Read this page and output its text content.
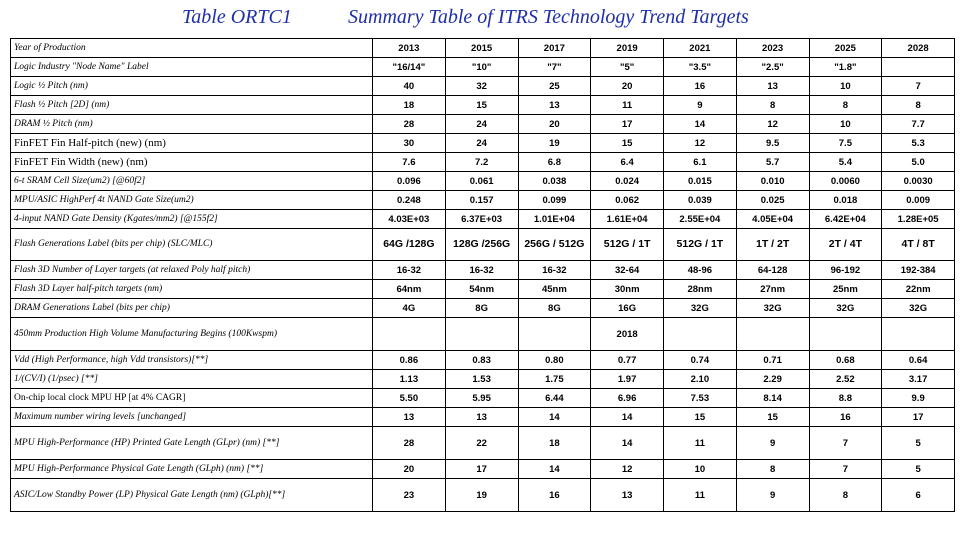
Table ORTC1	Summary Table of ITRS Technology Trend Targets
Year of Production	2013	2015	2017	2019	2021	2023	2025	2028
Logic Industry "Node Name" Label	"16/14"	"10"	"7"	"5"	"3.5"	"2.5"	"1.8"	
Logic ½ Pitch (nm)	40	32	25	20	16	13	10	7
Flash ½ Pitch [2D] (nm)	18	15	13	11	9	8	8	8
DRAM ½ Pitch (nm)	28	24	20	17	14	12	10	7.7
FinFET Fin Half-pitch (new) (nm)	30	24	19	15	12	9.5	7.5	5.3
FinFET Fin Width (new) (nm)	7.6	7.2	6.8	6.4	6.1	5.7	5.4	5.0
6-t SRAM Cell Size(um2) [@60f2]	0.096	0.061	0.038	0.024	0.015	0.010	0.0060	0.0030
MPU/ASIC HighPerf 4t NAND Gate Size(um2)	0.248	0.157	0.099	0.062	0.039	0.025	0.018	0.009
4-input NAND Gate Density (Kgates/mm2) [@155f2]	4.03E+03	6.37E+03	1.01E+04	1.61E+04	2.55E+04	4.05E+04	6.42E+04	1.28E+05
Flash Generations Label (bits per chip) (SLC/MLC)	64G /128G	128G /256G	256G / 512G	512G / 1T	512G / 1T	1T / 2T	2T / 4T	4T / 8T
Flash 3D Number of Layer targets (at relaxed Poly half pitch)	16-32	16-32	16-32	32-64	48-96	64-128	96-192	192-384
Flash 3D Layer half-pitch targets (nm)	64nm	54nm	45nm	30nm	28nm	27nm	25nm	22nm
DRAM Generations Label (bits per chip)	4G	8G	8G	16G	32G	32G	32G	32G
450mm Production High Volume Manufacturing Begins (100Kwspm)				2018				
Vdd (High Performance, high Vdd transistors)[**]	0.86	0.83	0.80	0.77	0.74	0.71	0.68	0.64
1/(CV/I) (1/psec) [**]	1.13	1.53	1.75	1.97	2.10	2.29	2.52	3.17
On-chip local clock MPU HP [at 4% CAGR]	5.50	5.95	6.44	6.96	7.53	8.14	8.8	9.9
Maximum number wiring levels [unchanged]	13	13	14	14	15	15	16	17
MPU High-Performance (HP) Printed Gate Length (GLpr) (nm) [**]	28	22	18	14	11	9	7	5
MPU High-Performance Physical Gate Length (GLph) (nm) [**]	20	17	14	12	10	8	7	5
ASIC/Low Standby Power (LP) Physical Gate Length (nm) (GLph)[**]	23	19	16	13	11	9	8	6
